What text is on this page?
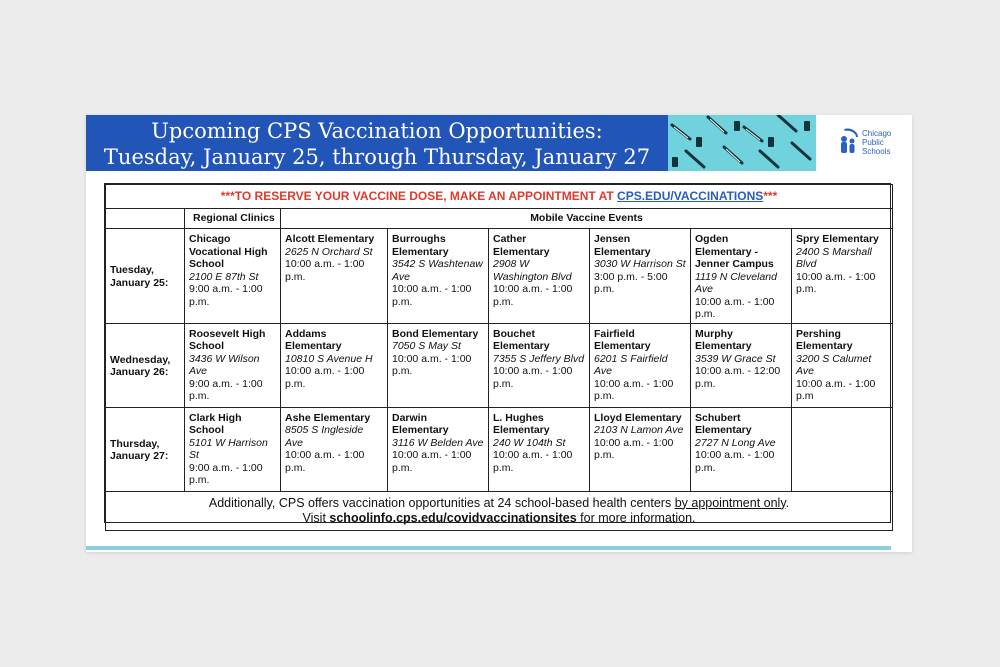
Upcoming CPS Vaccination Opportunities:
Tuesday, January 25, through Thursday, January 27
Chicago
Public
Schools
***TO RESERVE YOUR VACCINE DOSE, MAKE AN APPOINTMENT AT CPS.EDU/VACCINATIONS***							
	Regional Clinics	Mobile Vaccine Events					
Tuesday, January 25:	Chicago Vocational High School
2100 E 87th St
9:00 a.m. - 1:00 p.m.	Alcott Elementary
2625 N Orchard St
10:00 a.m. - 1:00 p.m.	Burroughs Elementary
3542 S Washtenaw Ave
10:00 a.m. - 1:00 p.m.	Cather Elementary
2908 W Washington Blvd
10:00 a.m. - 1:00 p.m.	Jensen Elementary
3030 W Harrison St
3:00 p.m. - 5:00 p.m.	Ogden Elementary - Jenner Campus
1119 N Cleveland Ave
10:00 a.m. - 1:00 p.m.	Spry Elementary
2400 S Marshall Blvd
10:00 a.m. - 1:00 p.m.

Wednesday, January 26:	Roosevelt High School
3436 W Wilson Ave
9:00 a.m. - 1:00 p.m.	Addams Elementary
10810 S Avenue H
10:00 a.m. - 1:00 p.m.	Bond Elementary
7050 S May St
10:00 a.m. - 1:00 p.m.	Bouchet Elementary
7355 S Jeffery Blvd
10:00 a.m. - 1:00 p.m.	Fairfield Elementary
6201 S Fairfield Ave
10:00 a.m. - 1:00 p.m.	Murphy Elementary
3539 W Grace St
10:00 a.m. - 12:00 p.m.	Pershing Elementary
3200 S Calumet Ave
10:00 a.m. - 1:00 p.m

Thursday, January 27:	Clark High School
5101 W Harrison St
9:00 a.m. - 1:00 p.m.	Ashe Elementary
8505 S Ingleside Ave
10:00 a.m. - 1:00 p.m.	Darwin Elementary
3116 W Belden Ave
10:00 a.m. - 1:00 p.m.	L. Hughes Elementary
240 W 104th St
10:00 a.m. - 1:00 p.m.	Lloyd Elementary
2103 N Lamon Ave
10:00 a.m. - 1:00 p.m.	Schubert Elementary
2727 N Long Ave
10:00 a.m. - 1:00 p.m.	

Additionally, CPS offers vaccination opportunities at 24 school-based health centers by appointment only.
Visit schoolinfo.cps.edu/covidvaccinationsites for more information.							
